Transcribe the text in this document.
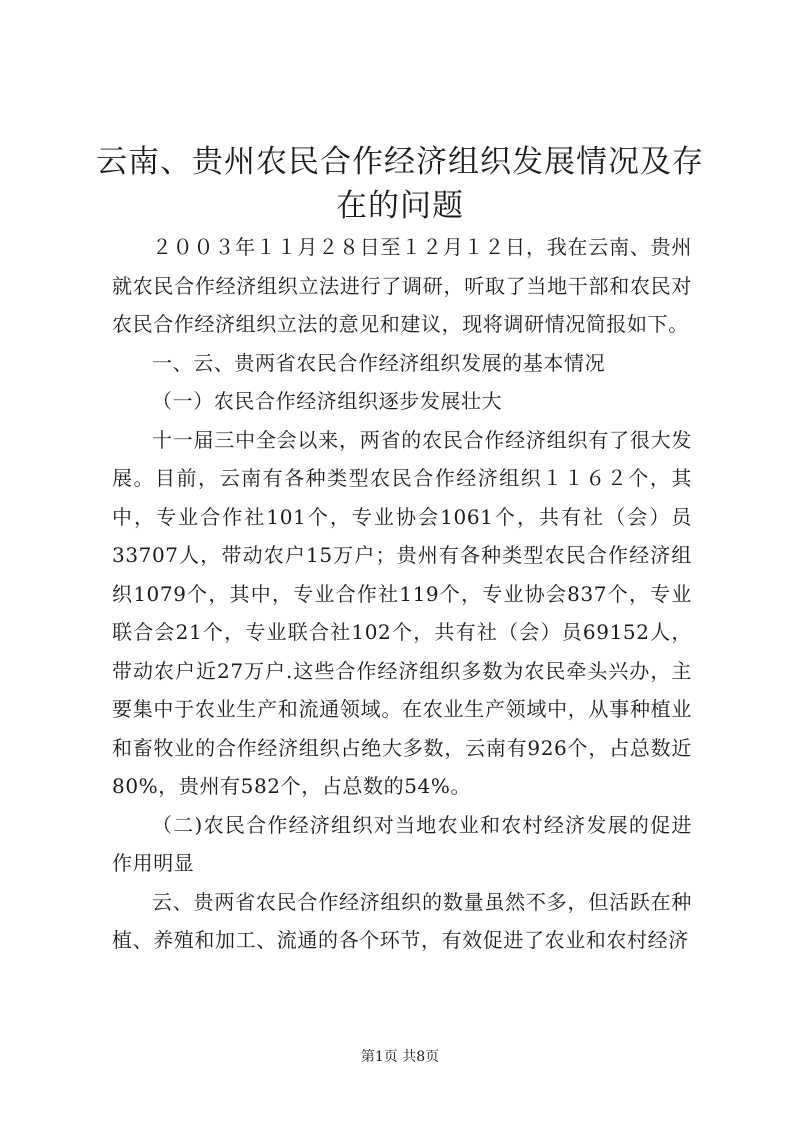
云南、贵州农民合作经济组织发展情况及存在的问题

２００３年１１月２８日至１２月１２日，我在云南、贵州就农民合作经济组织立法进行了调研，听取了当地干部和农民对农民合作经济组织立法的意见和建议，现将调研情况简报如下。

一、云、贵两省农民合作经济组织发展的基本情况

（一）农民合作经济组织逐步发展壮大

十一届三中全会以来，两省的农民合作经济组织有了很大发展。目前，云南有各种类型农民合作经济组织１１６２个，其中，专业合作社101个，专业协会1061个，共有社（会）员33707人，带动农户15万户；贵州有各种类型农民合作经济组织1079个，其中，专业合作社119个，专业协会837个，专业联合会21个，专业联合社102个，共有社（会）员69152人，带动农户近27万户.这些合作经济组织多数为农民牵头兴办，主要集中于农业生产和流通领域。在农业生产领域中，从事种植业和畜牧业的合作经济组织占绝大多数，云南有926个，占总数近80%，贵州有582个，占总数的54%。

（二)农民合作经济组织对当地农业和农村经济发展的促进作用明显

云、贵两省农民合作经济组织的数量虽然不多，但活跃在种植、养殖和加工、流通的各个环节，有效促进了农业和农村经济

第1页 共8页
